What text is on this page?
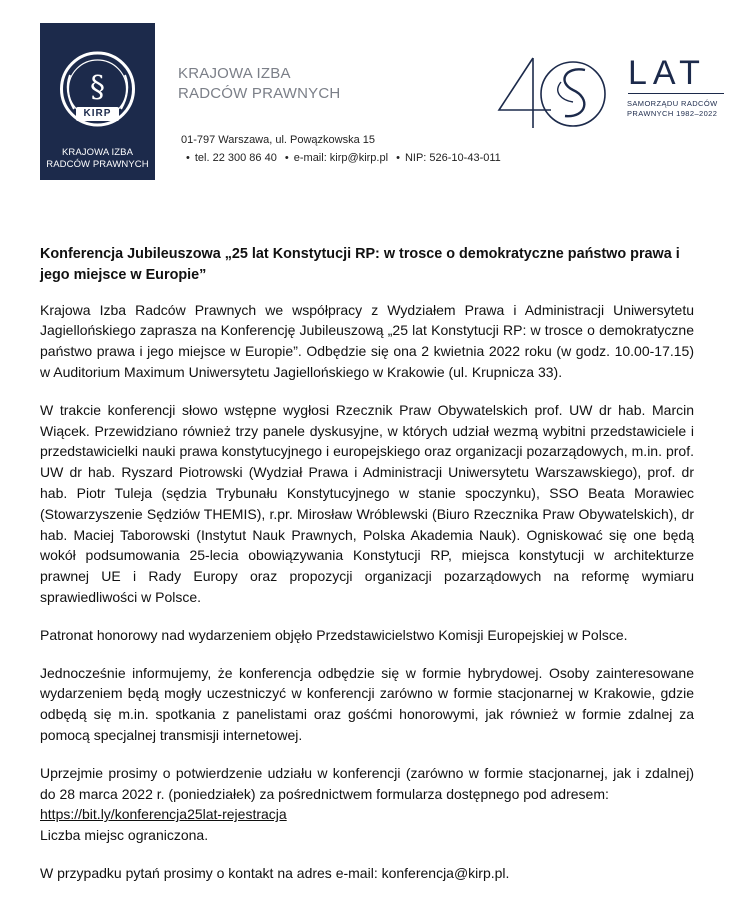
§
KIRP
KRAJOWA IZBA
RADCÓW PRAWNYCH
KRAJOWA IZBA
RADCÓW PRAWNYCH
01-797 Warszawa, ul. Powązkowska 15
• tel. 22 300 86 40 • e-mail: kirp@kirp.pl • NIP: 526-10-43-011
LAT
SAMORZĄDU RADCÓW
PRAWNYCH 1982–2022
Konferencja Jubileuszowa „25 lat Konstytucji RP: w trosce o demokratyczne państwo prawa i jego miejsce w Europie”

Krajowa Izba Radców Prawnych we współpracy z Wydziałem Prawa i Administracji Uniwersytetu Jagiellońskiego zaprasza na Konferencję Jubileuszową „25 lat Konstytucji RP: w trosce o demokratyczne państwo prawa i jego miejsce w Europie”. Odbędzie się ona 2 kwietnia 2022 roku (w godz. 10.00-17.15) w Auditorium Maximum Uniwersytetu Jagiellońskiego w Krakowie (ul. Krupnicza 33).

W trakcie konferencji słowo wstępne wygłosi Rzecznik Praw Obywatelskich prof. UW dr hab. Marcin Wiącek. Przewidziano również trzy panele dyskusyjne, w których udział wezmą wybitni przedstawiciele i przedstawicielki nauki prawa konstytucyjnego i europejskiego oraz organizacji pozarządowych, m.in. prof. UW dr hab. Ryszard Piotrowski (Wydział Prawa i Administracji Uniwersytetu Warszawskiego), prof. dr hab. Piotr Tuleja (sędzia Trybunału Konstytucyjnego w stanie spoczynku), SSO Beata Morawiec (Stowarzyszenie Sędziów THEMIS), r.pr. Mirosław Wróblewski (Biuro Rzecznika Praw Obywatelskich), dr hab. Maciej Taborowski (Instytut Nauk Prawnych, Polska Akademia Nauk). Ogniskować się one będą wokół podsumowania 25-lecia obowiązywania Konstytucji RP, miejsca konstytucji w architekturze prawnej UE i Rady Europy oraz propozycji organizacji pozarządowych na reformę wymiaru sprawiedliwości w Polsce.

Patronat honorowy nad wydarzeniem objęło Przedstawicielstwo Komisji Europejskiej w Polsce.

Jednocześnie informujemy, że konferencja odbędzie się w formie hybrydowej. Osoby zainteresowane wydarzeniem będą mogły uczestniczyć w konferencji zarówno w formie stacjonarnej w Krakowie, gdzie odbędą się m.in. spotkania z panelistami oraz gośćmi honorowymi, jak również w formie zdalnej za pomocą specjalnej transmisji internetowej.

Uprzejmie prosimy o potwierdzenie udziału w konferencji (zarówno w formie stacjonarnej, jak i zdalnej) do 28 marca 2022 r. (poniedziałek) za pośrednictwem formularza dostępnego pod adresem:

https://bit.ly/konferencja25lat-rejestracja

Liczba miejsc ograniczona.

W przypadku pytań prosimy o kontakt na adres e-mail: konferencja@kirp.pl.
